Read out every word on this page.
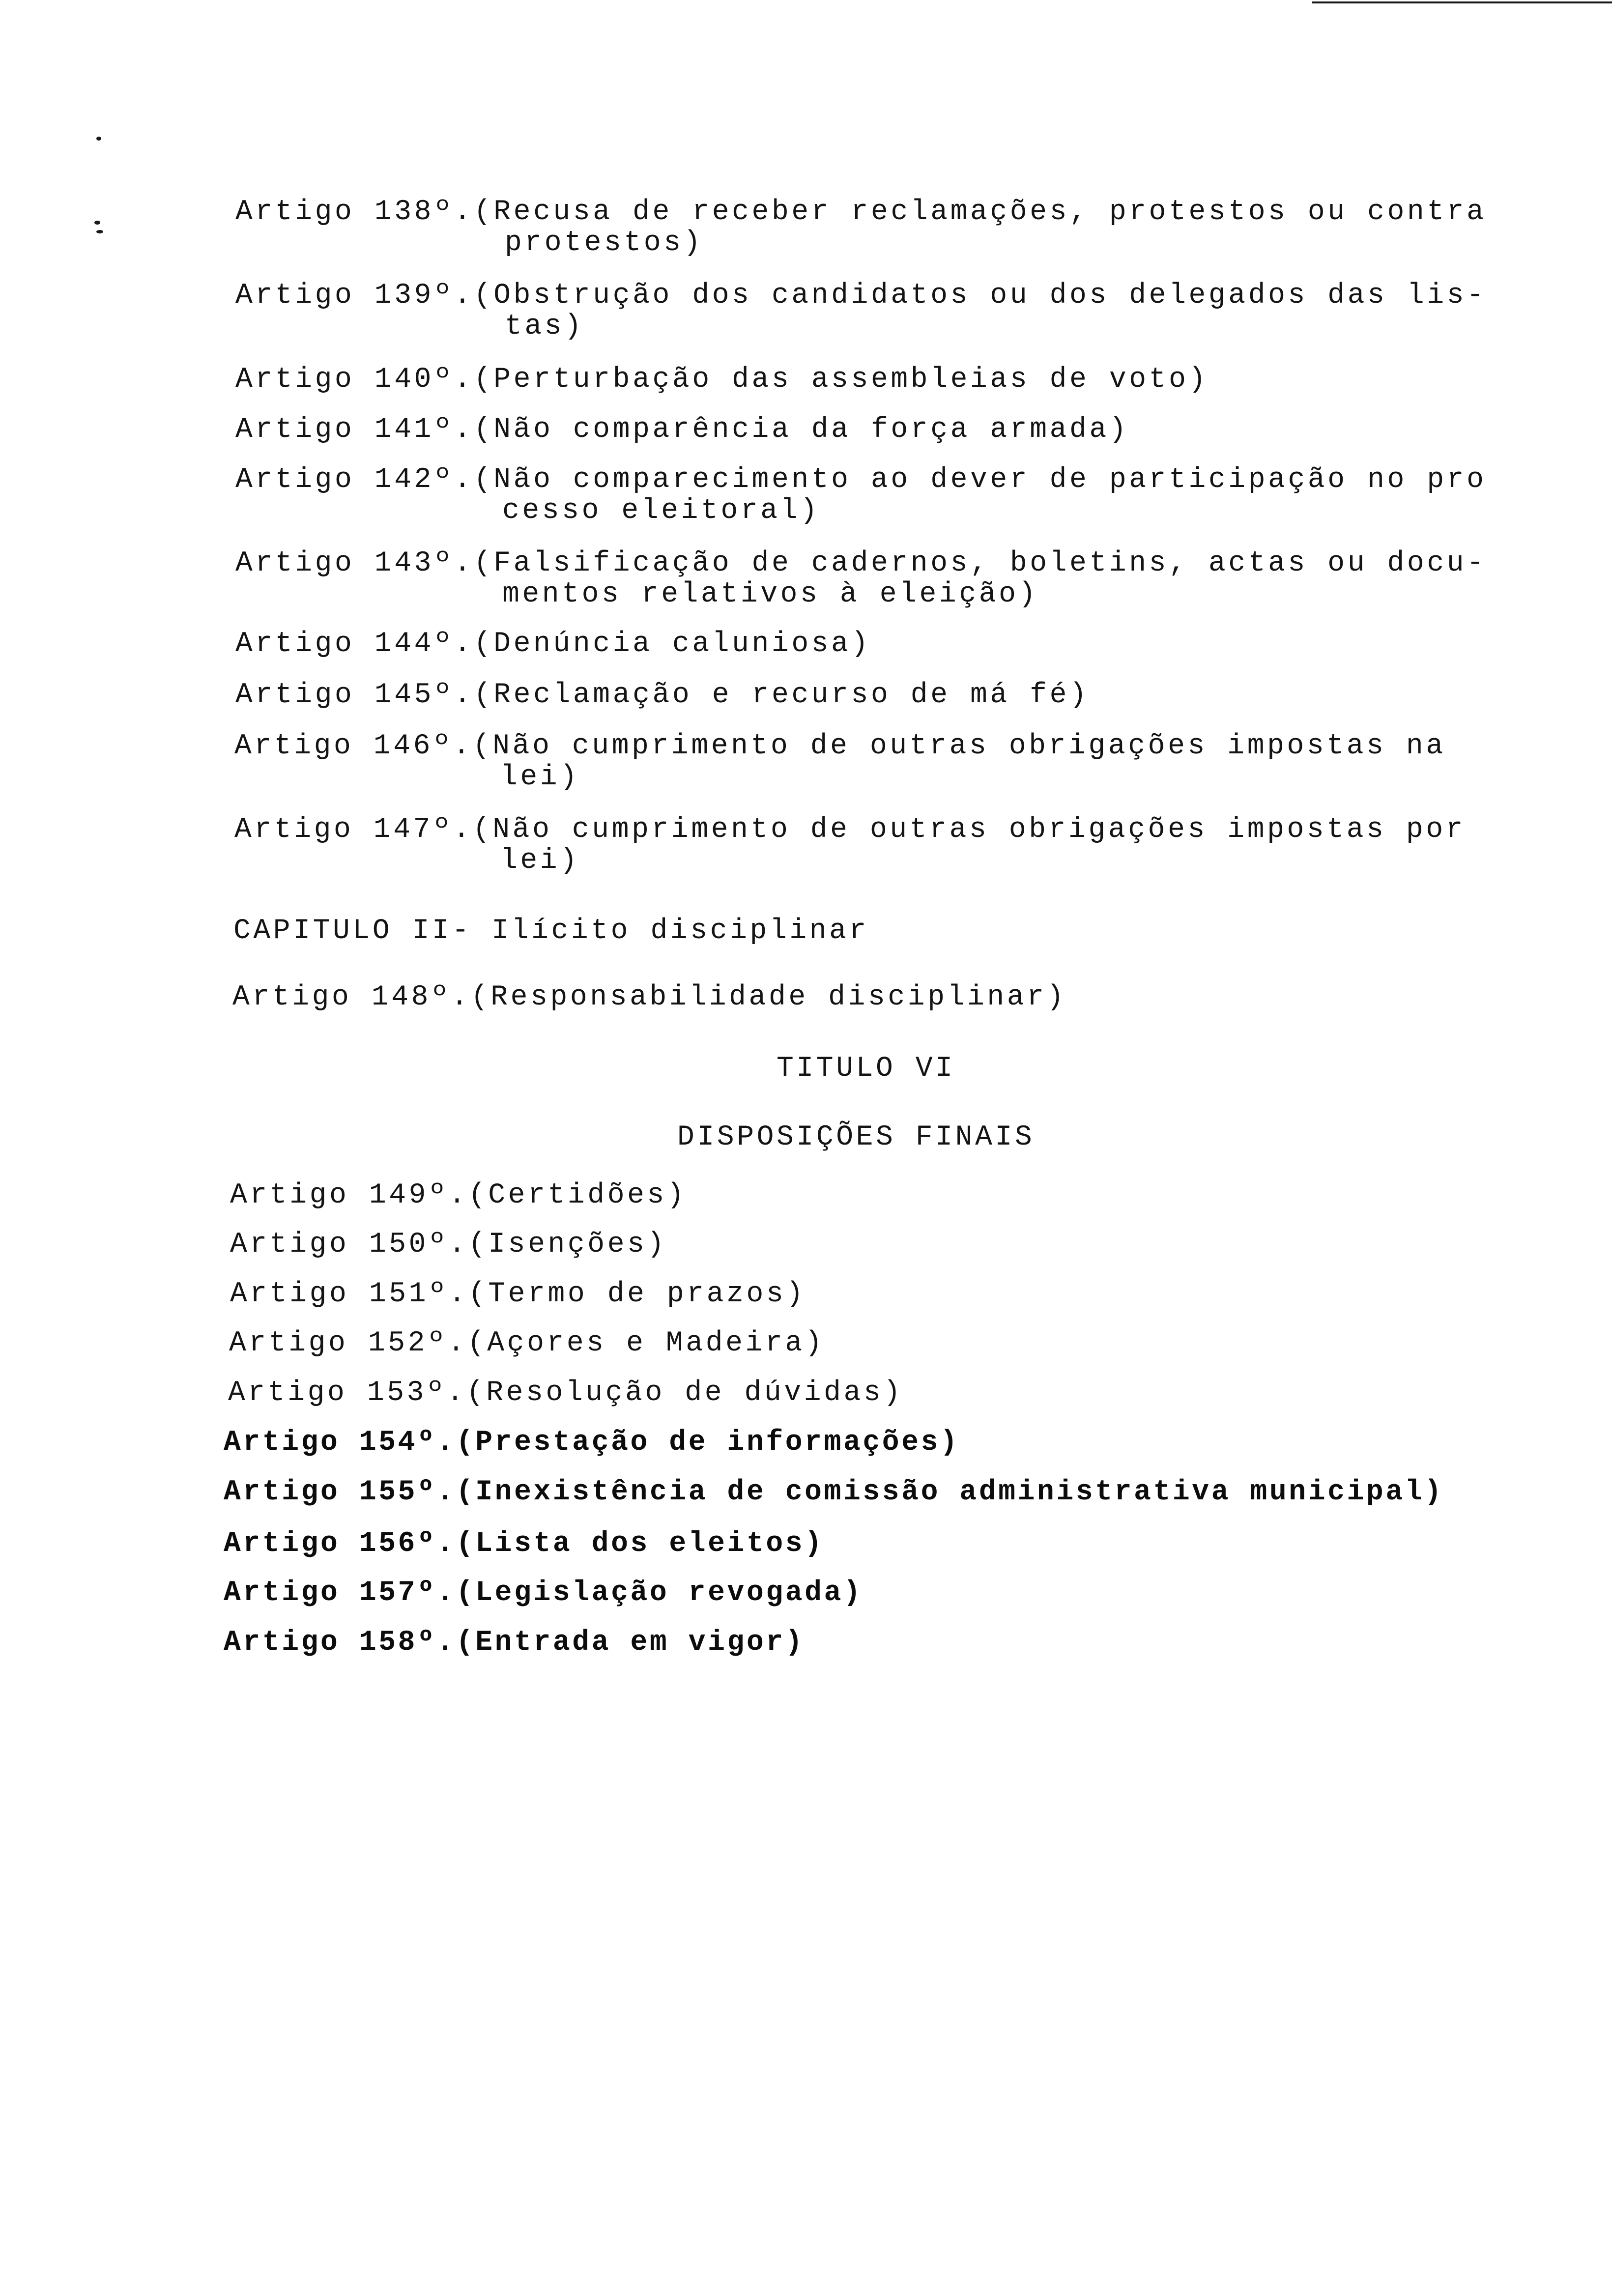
Artigo 138º.(Recusa de receber reclamações, protestos ou contra
protestos)
Artigo 139º.(Obstrução dos candidatos ou dos delegados das lis-
tas)
Artigo 140º.(Perturbação das assembleias de voto)
Artigo 141º.(Não comparência da força armada)
Artigo 142º.(Não comparecimento ao dever de participação no pro
cesso eleitoral)
Artigo 143º.(Falsificação de cadernos, boletins, actas ou docu-
mentos relativos à eleição)
Artigo 144º.(Denúncia caluniosa)
Artigo 145º.(Reclamação e recurso de má fé)
Artigo 146º.(Não cumprimento de outras obrigações impostas na
lei)
Artigo 147º.(Não cumprimento de outras obrigações impostas por
lei)
CAPITULO II- Ilícito disciplinar
Artigo 148º.(Responsabilidade disciplinar)
TITULO VI
DISPOSIÇÕES FINAIS
Artigo 149º.(Certidões)
Artigo 150º.(Isenções)
Artigo 151º.(Termo de prazos)
Artigo 152º.(Açores e Madeira)
Artigo 153º.(Resolução de dúvidas)
Artigo 154º.(Prestação de informações)
Artigo 155º.(Inexistência de comissão administrativa municipal)
Artigo 156º.(Lista dos eleitos)
Artigo 157º.(Legislação revogada)
Artigo 158º.(Entrada em vigor)
